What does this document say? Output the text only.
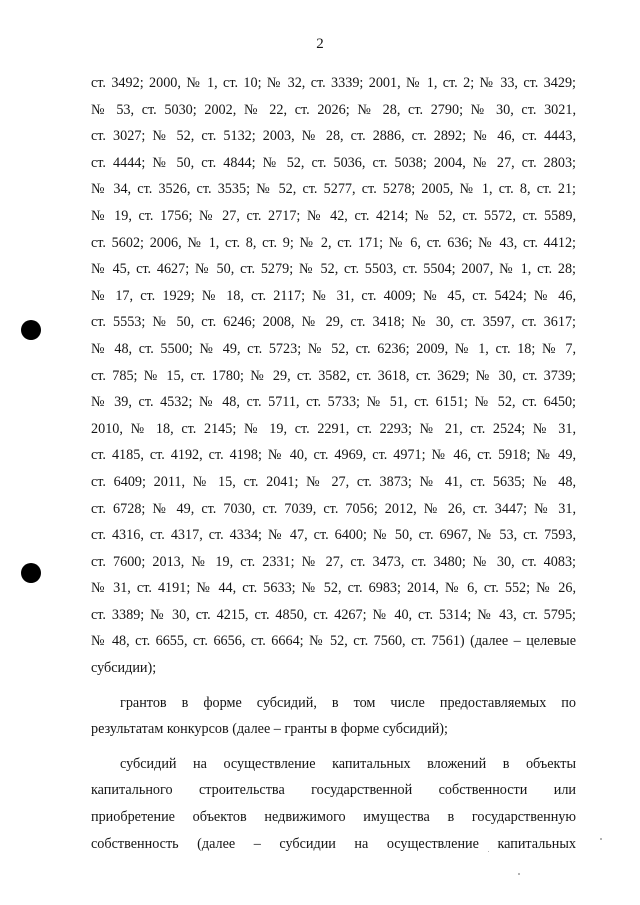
2
ст. 3492; 2000, № 1, ст. 10; № 32, ст. 3339; 2001, № 1, ст. 2; № 33, ст. 3429;
№ 53, ст. 5030; 2002, № 22, ст. 2026; № 28, ст. 2790; № 30, ст. 3021,
ст. 3027; № 52, ст. 5132; 2003, № 28, ст. 2886, ст. 2892; № 46, ст. 4443,
ст. 4444; № 50, ст. 4844; № 52, ст. 5036, ст. 5038; 2004, № 27, ст. 2803;
№ 34, ст. 3526, ст. 3535; № 52, ст. 5277, ст. 5278; 2005, № 1, ст. 8, ст. 21;
№ 19, ст. 1756; № 27, ст. 2717; № 42, ст. 4214; № 52, ст. 5572, ст. 5589,
ст. 5602; 2006, № 1, ст. 8, ст. 9; № 2, ст. 171; № 6, ст. 636; № 43, ст. 4412;
№ 45, ст. 4627; № 50, ст. 5279; № 52, ст. 5503, ст. 5504; 2007, № 1, ст. 28;
№ 17, ст. 1929; № 18, ст. 2117; № 31, ст. 4009; № 45, ст. 5424; № 46,
ст. 5553; № 50, ст. 6246; 2008, № 29, ст. 3418; № 30, ст. 3597, ст. 3617;
№ 48, ст. 5500; № 49, ст. 5723; № 52, ст. 6236; 2009, № 1, ст. 18; № 7,
ст. 785; № 15, ст. 1780; № 29, ст. 3582, ст. 3618, ст. 3629; № 30, ст. 3739;
№ 39, ст. 4532; № 48, ст. 5711, ст. 5733; № 51, ст. 6151; № 52, ст. 6450;
2010, № 18, ст. 2145; № 19, ст. 2291, ст. 2293; № 21, ст. 2524; № 31,
ст. 4185, ст. 4192, ст. 4198; № 40, ст. 4969, ст. 4971; № 46, ст. 5918; № 49,
ст. 6409; 2011, № 15, ст. 2041; № 27, ст. 3873; № 41, ст. 5635; № 48,
ст. 6728; № 49, ст. 7030, ст. 7039, ст. 7056; 2012, № 26, ст. 3447; № 31,
ст. 4316, ст. 4317, ст. 4334; № 47, ст. 6400; № 50, ст. 6967, № 53, ст. 7593,
ст. 7600; 2013, № 19, ст. 2331; № 27, ст. 3473, ст. 3480; № 30, ст. 4083;
№ 31, ст. 4191; № 44, ст. 5633; № 52, ст. 6983; 2014, № 6, ст. 552; № 26,
ст. 3389; № 30, ст. 4215, ст. 4850, ст. 4267; № 40, ст. 5314; № 43, ст. 5795;
№ 48, ст. 6655, ст. 6656, ст. 6664; № 52, ст. 7560, ст. 7561) (далее – целевые
субсидии);
грантов в форме субсидий, в том числе предоставляемых по
результатам конкурсов (далее – гранты в форме субсидий);
субсидий на осуществление капитальных вложений в объекты
капитального строительства государственной собственности или
приобретение объектов недвижимого имущества в государственную
собственность (далее – субсидии на осуществление капитальных
